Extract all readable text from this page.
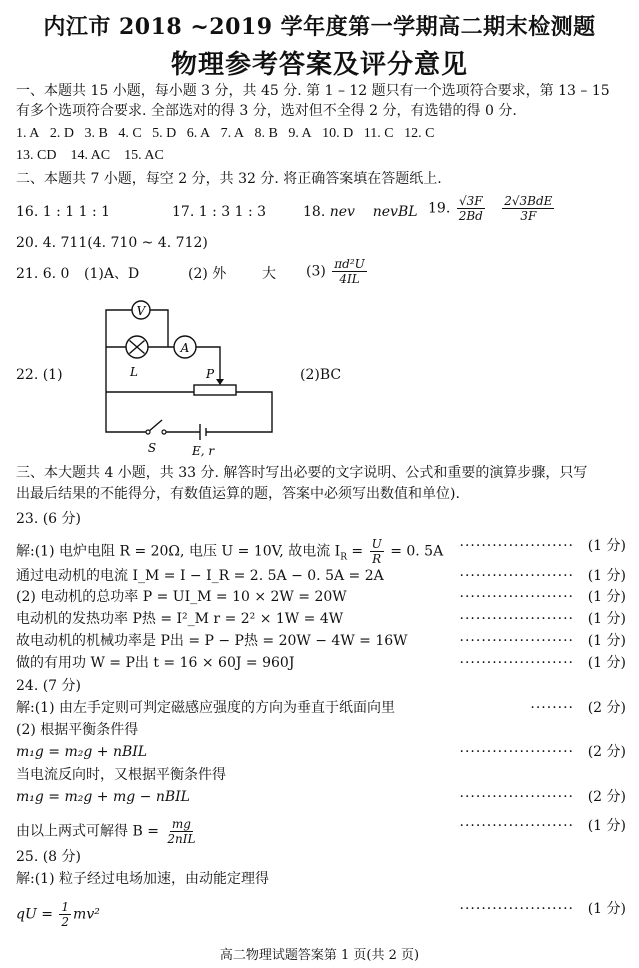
内江市 2018 ~2019 学年度第一学期高二期末检测题
物理参考答案及评分意见
一、本题共 15 小题，每小题 3 分，共 45 分. 第 1 – 12 题只有一个选项符合要求，第 13 – 15
有多个选项符合要求. 全部选对的得 3 分，选对但不全得 2 分，有选错的得 0 分.
1. A 2. D 3. B 4. C 5. D 6. A 7. A 8. B 9. A 10. D 11. C 12. C
13. CD 14. AC 15. AC
二、本题共 7 小题，每空 2 分，共 32 分. 将正确答案填在答题纸上.
16. 1 : 1 1 : 1	17. 1 : 3 1 : 3	18. nev nevBL 19. $\frac{√3F}{2Bd}$
$\frac{\text{2√3BdE}}{3F}$
20. 4. 711(4. 710 ~ 4. 712)
21. 6. 0 (1)A、D	(2) 外	大 $(3) \frac{\text{πd²U}}{4IL}$
22. (1)	(2)BC
V
A
L	P
S	E, r
三、本大题共 4 小题，共 33 分. 解答时写出必要的文字说明、公式和重要的演算步骤，只写
出最后结果的不能得分，有数值运算的题，答案中必须写出数值和单位).
23. (6 分)
解:(1) 电炉电阻 R = 20Ω, 电压 U = 10V, 故电流 $I_R = \frac{U}{R} = 0$. 5A ····················· (1 分)
通过电动机的电流 I_M = I − I_R = 2. 5A − 0. 5A = 2A	····················· (1 分)
(2) 电动机的总功率 P = UI_M = 10 × 2W = 20W	····················· (1 分)
电动机的发热功率 P热 = I²_M r = 2² × 1W = 4W	····················· (1 分)
故电动机的机械功率是 P出 = P − P热 = 20W − 4W = 16W	····················· (1 分)
做的有用功 W = P出 t = 16 × 60J = 960J	····················· (1 分)
24. (7 分)
解:(1) 由左手定则可判定磁感应强度的方向为垂直于纸面向里	········ (2 分)
(2) 根据平衡条件得
m₁g = m₂g + nBIL	····················· (2 分)
当电流反向时，又根据平衡条件得
m₁g = m₂g + mg − nBIL	····················· (2 分)
由以上两式可解得 $B = \frac{mg}{\text{2nIL}}$	····················· (1 分)
25. (8 分)
解:(1) 粒子经过电场加速，由动能定理得
qU = $\frac{1}{2} mv^2$	····················· (1 分)
高二物理试题答案第 1 页(共 2 页)
